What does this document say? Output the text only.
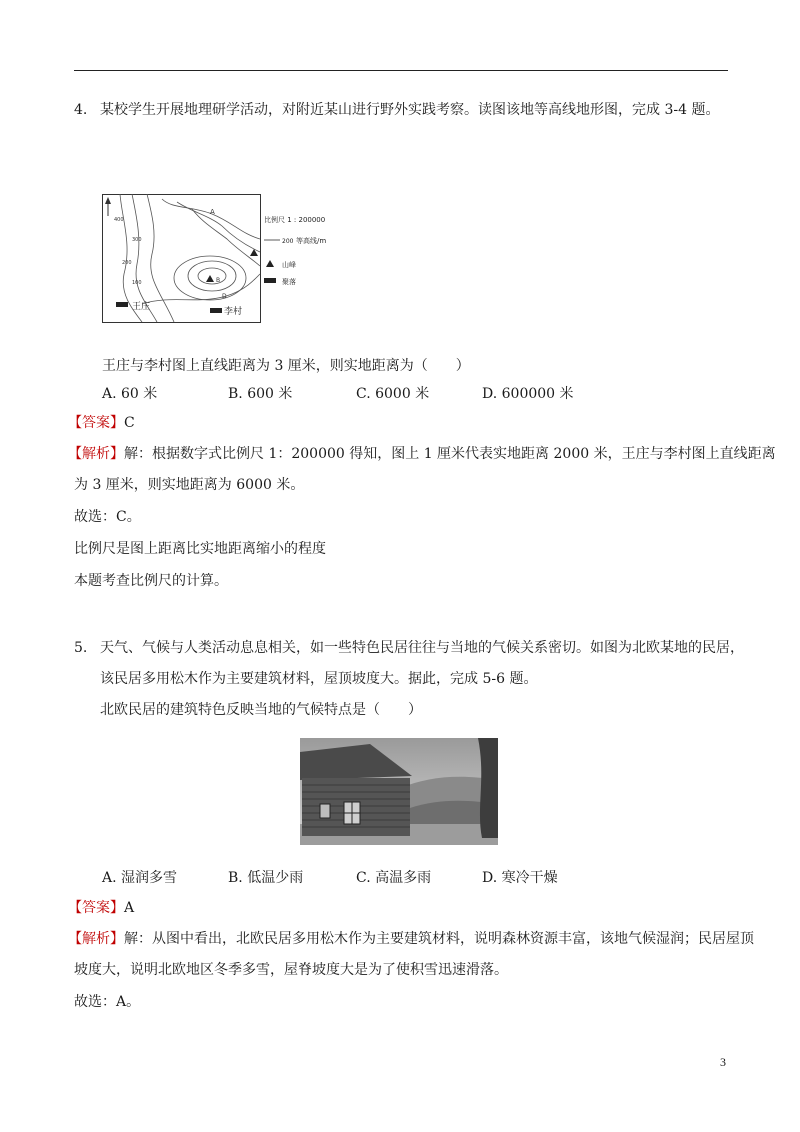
4. 某校学生开展地理研学活动，对附近某山进行野外实践考察。读图该地等高线地形图，完成 3-4 题。
400
300
200
100
A
B
D
王庄	李村
比例尺 1 : 200000
200 等高线/m
山峰
聚落
王庄与李村图上直线距离为 3 厘米，则实地距离为（　　）
A. 60 米	B. 600 米	C. 6000 米	D. 600000 米
【答案】C
【解析】解：根据数字式比例尺 1：200000 得知，图上 1 厘米代表实地距离 2000 米，王庄与李村图上直线距离
为 3 厘米，则实地距离为 6000 米。
故选：C。
比例尺是图上距离比实地距离缩小的程度
本题考查比例尺的计算。
5. 天气、气候与人类活动息息相关，如一些特色民居往往与当地的气候关系密切。如图为北欧某地的民居，
该民居多用松木作为主要建筑材料，屋顶坡度大。据此，完成 5-6 题。
北欧民居的建筑特色反映当地的气候特点是（　　）
A. 湿润多雪	B. 低温少雨	C. 高温多雨	D. 寒冷干燥
【答案】A
【解析】解：从图中看出，北欧民居多用松木作为主要建筑材料，说明森林资源丰富，该地气候湿润；民居屋顶
坡度大，说明北欧地区冬季多雪，屋脊坡度大是为了使积雪迅速滑落。
故选：A。
3
